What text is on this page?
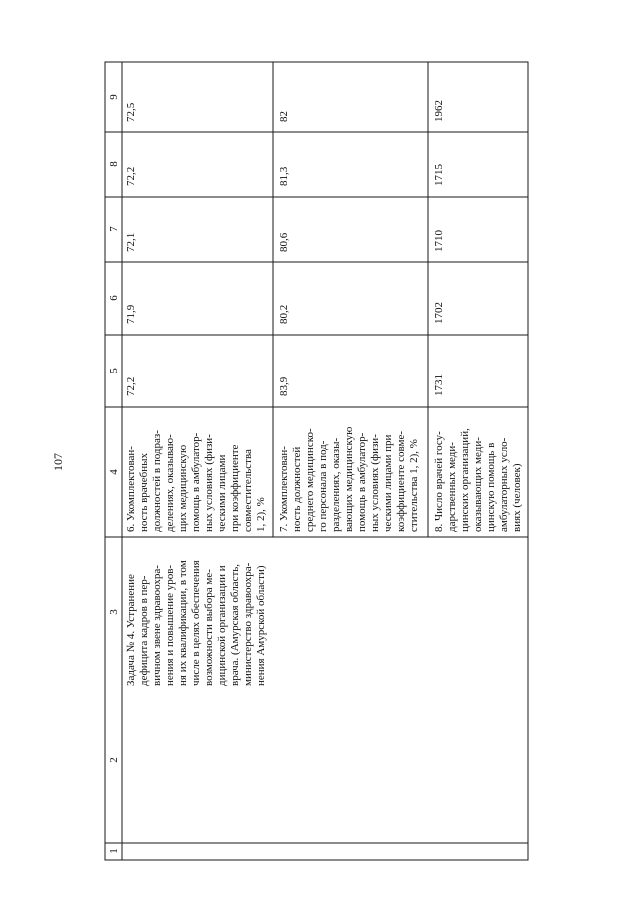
107
1
2
3
4
5
6
7
8
9
Задача № 4. Устранение дефицита кадров в пер- вичном звене здравоохра- нения и повышение уров- ня их квалификации, в том числе в целях обеспечения возможности выбора ме- дицинской организации и врача. (Амурская область, министерство здравоохра- нения Амурской области)
6. Укомплектован- ность врачебных должностей в подраз- делениях, оказываю- щих медицинскую помощь в амбулатор- ных условиях (физи- ческими лицами при коэффициенте совместительства 1, 2), % 7. Укомплектован- ность должностей среднего медицинско- го персонала в под- разделениях, оказы- вающих медицинскую помощь в амбулатор- ных условиях (физи- ческими лицами при коэффициенте совме- стительства 1, 2), % 8. Число врачей госу- дарственных меди- цинских организаций, оказывающих меди- цинскую помощь в амбулаторных усло- виях (человек)
72,2
71,9
72,1
72,2
72,5
83,9
80,2
80,6
81,3
82
1731
1702
1710
1715
1962
